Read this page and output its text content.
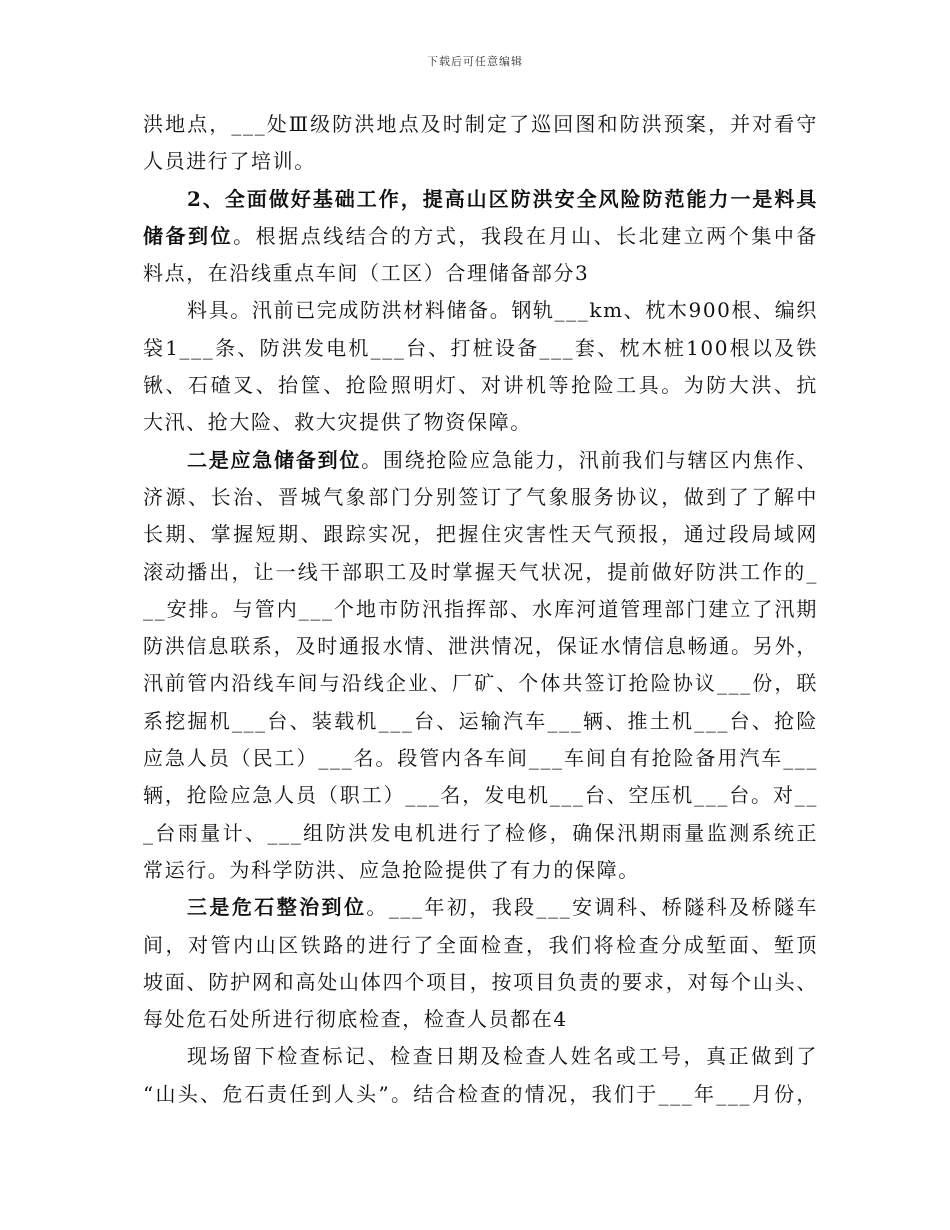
下载后可任意编辑
洪地点，___处Ⅲ级防洪地点及时制定了巡回图和防洪预案，并对看守
人员进行了培训。
2、全面做好基础工作，提高山区防洪安全风险防范能力一是料具
储备到位。根据点线结合的方式，我段在月山、长北建立两个集中备
料点，在沿线重点车间（工区）合理储备部分3
料具。汛前已完成防洪材料储备。钢轨___km、枕木900根、编织
袋1___条、防洪发电机___台、打桩设备___套、枕木桩100根以及铁
锹、石碴叉、抬筐、抢险照明灯、对讲机等抢险工具。为防大洪、抗
大汛、抢大险、救大灾提供了物资保障。
二是应急储备到位。围绕抢险应急能力，汛前我们与辖区内焦作、
济源、长治、晋城气象部门分别签订了气象服务协议，做到了了解中
长期、掌握短期、跟踪实况，把握住灾害性天气预报，通过段局域网
滚动播出，让一线干部职工及时掌握天气状况，提前做好防洪工作的_
__安排。与管内___个地市防汛指挥部、水库河道管理部门建立了汛期
防洪信息联系，及时通报水情、泄洪情况，保证水情信息畅通。另外，
汛前管内沿线车间与沿线企业、厂矿、个体共签订抢险协议___份，联
系挖掘机___台、装载机___台、运输汽车___辆、推土机___台、抢险
应急人员（民工）___名。段管内各车间___车间自有抢险备用汽车___
辆，抢险应急人员（职工）___名，发电机___台、空压机___台。对__
_台雨量计、___组防洪发电机进行了检修，确保汛期雨量监测系统正
常运行。为科学防洪、应急抢险提供了有力的保障。
三是危石整治到位。___年初，我段___安调科、桥隧科及桥隧车
间，对管内山区铁路的进行了全面检查，我们将检查分成堑面、堑顶
坡面、防护网和高处山体四个项目，按项目负责的要求，对每个山头、
每处危石处所进行彻底检查，检查人员都在4
现场留下检查标记、检查日期及检查人姓名或工号，真正做到了
“山头、危石责任到人头”。结合检查的情况，我们于___年___月份，
